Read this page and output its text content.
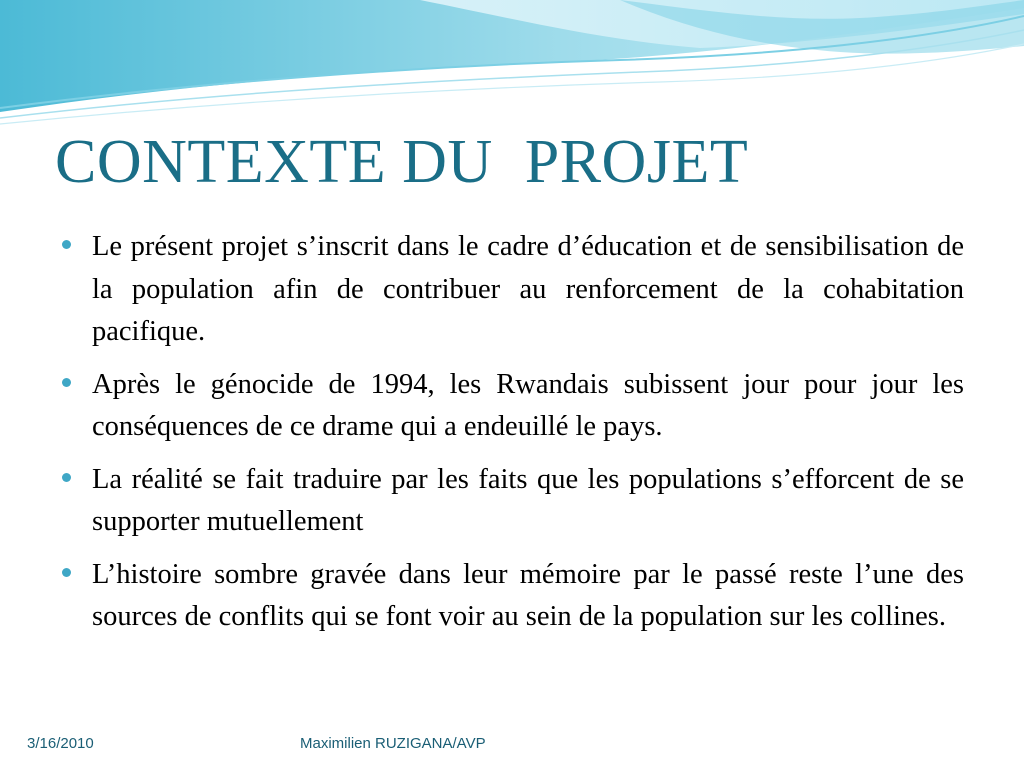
CONTEXTE DU  PROJET
Le présent projet s’inscrit dans le cadre d’éducation et de sensibilisation de la population afin de contribuer au renforcement de la cohabitation pacifique.
Après le génocide de 1994, les Rwandais subissent jour pour jour les conséquences de ce drame qui a endeuillé le pays.
La réalité se fait traduire par les faits que les populations s’efforcent de se supporter mutuellement
L’histoire sombre gravée dans leur mémoire par le passé reste l’une des sources de conflits qui se font voir au sein de la population sur les collines.
3/16/2010	Maximilien RUZIGANA/AVP
